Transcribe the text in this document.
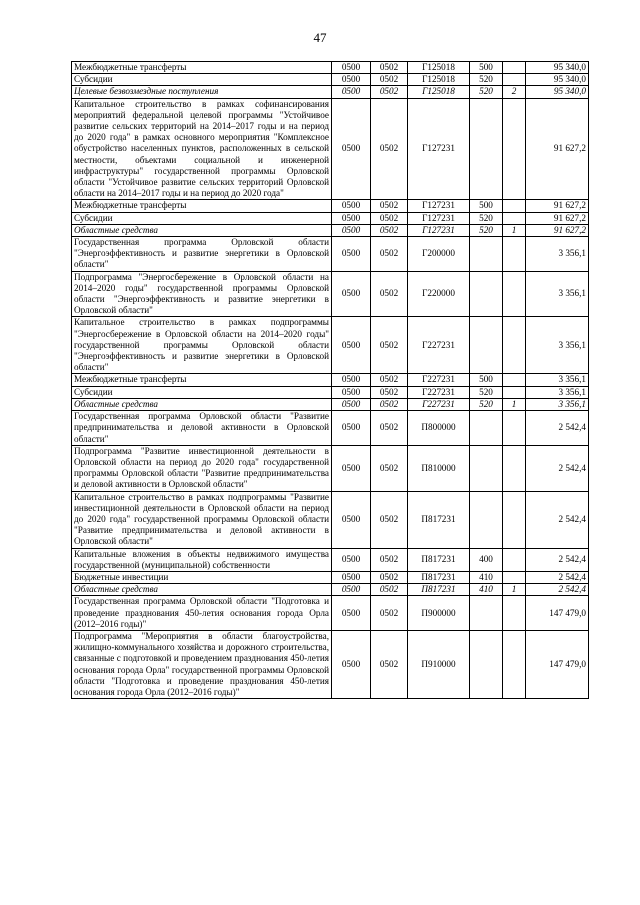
47
Межбюджетные трансферты	0500	0502	Г125018	500		95 340,0
Субсидии	0500	0502	Г125018	520		95 340,0
Целевые безвозмездные поступления	0500	0502	Г125018	520	2	95 340,0
Капитальное строительство в рамках софинансирования мероприятий федеральной целевой программы "Устойчивое развитие сельских территорий на 2014–2017 годы и на период до 2020 года" в рамках основного мероприятия "Комплексное обустройство населенных пунктов, расположенных в сельской местности, объектами социальной и инженерной инфраструктуры" государственной программы Орловской области "Устойчивое развитие сельских территорий Орловской области на 2014–2017 годы и на период до 2020 года"	0500	0502	Г127231			91 627,2
Межбюджетные трансферты	0500	0502	Г127231	500		91 627,2
Субсидии	0500	0502	Г127231	520		91 627,2
Областные средства	0500	0502	Г127231	520	1	91 627,2
Государственная программа Орловской области "Энергоэффективность и развитие энергетики в Орловской области"	0500	0502	Г200000			3 356,1
Подпрограмма "Энергосбережение в Орловской области на 2014–2020 годы" государственной программы Орловской области "Энергоэффективность и развитие энергетики в Орловской области"	0500	0502	Г220000			3 356,1
Капитальное строительство в рамках подпрограммы "Энергосбережение в Орловской области на 2014–2020 годы" государственной программы Орловской области "Энергоэффективность и развитие энергетики в Орловской области"	0500	0502	Г227231			3 356,1
Межбюджетные трансферты	0500	0502	Г227231	500		3 356,1
Субсидии	0500	0502	Г227231	520		3 356,1
Областные средства	0500	0502	Г227231	520	1	3 356,1
Государственная программа Орловской области "Развитие предпринимательства и деловой активности в Орловской области"	0500	0502	П800000			2 542,4
Подпрограмма "Развитие инвестиционной деятельности в Орловской области на период до 2020 года" государственной программы Орловской области "Развитие предпринимательства и деловой активности в Орловской области"	0500	0502	П810000			2 542,4
Капитальное строительство в рамках подпрограммы "Развитие инвестиционной деятельности в Орловской области на период до 2020 года" государственной программы Орловской области "Развитие предпринимательства и деловой активности в Орловской области"	0500	0502	П817231			2 542,4
Капитальные вложения в объекты недвижимого имущества государственной (муниципальной) собственности	0500	0502	П817231	400		2 542,4
Бюджетные инвестиции	0500	0502	П817231	410		2 542,4
Областные средства	0500	0502	П817231	410	1	2 542,4
Государственная программа Орловской области "Подготовка и проведение празднования 450-летия основания города Орла (2012–2016 годы)"	0500	0502	П900000			147 479,0
Подпрограмма "Мероприятия в области благоустройства, жилищно-коммунального хозяйства и дорожного строительства, связанные с подготовкой и проведением празднования 450-летия основания города Орла" государственной программы Орловской области "Подготовка и проведение празднования 450-летия основания города Орла (2012–2016 годы)"	0500	0502	П910000			147 479,0
